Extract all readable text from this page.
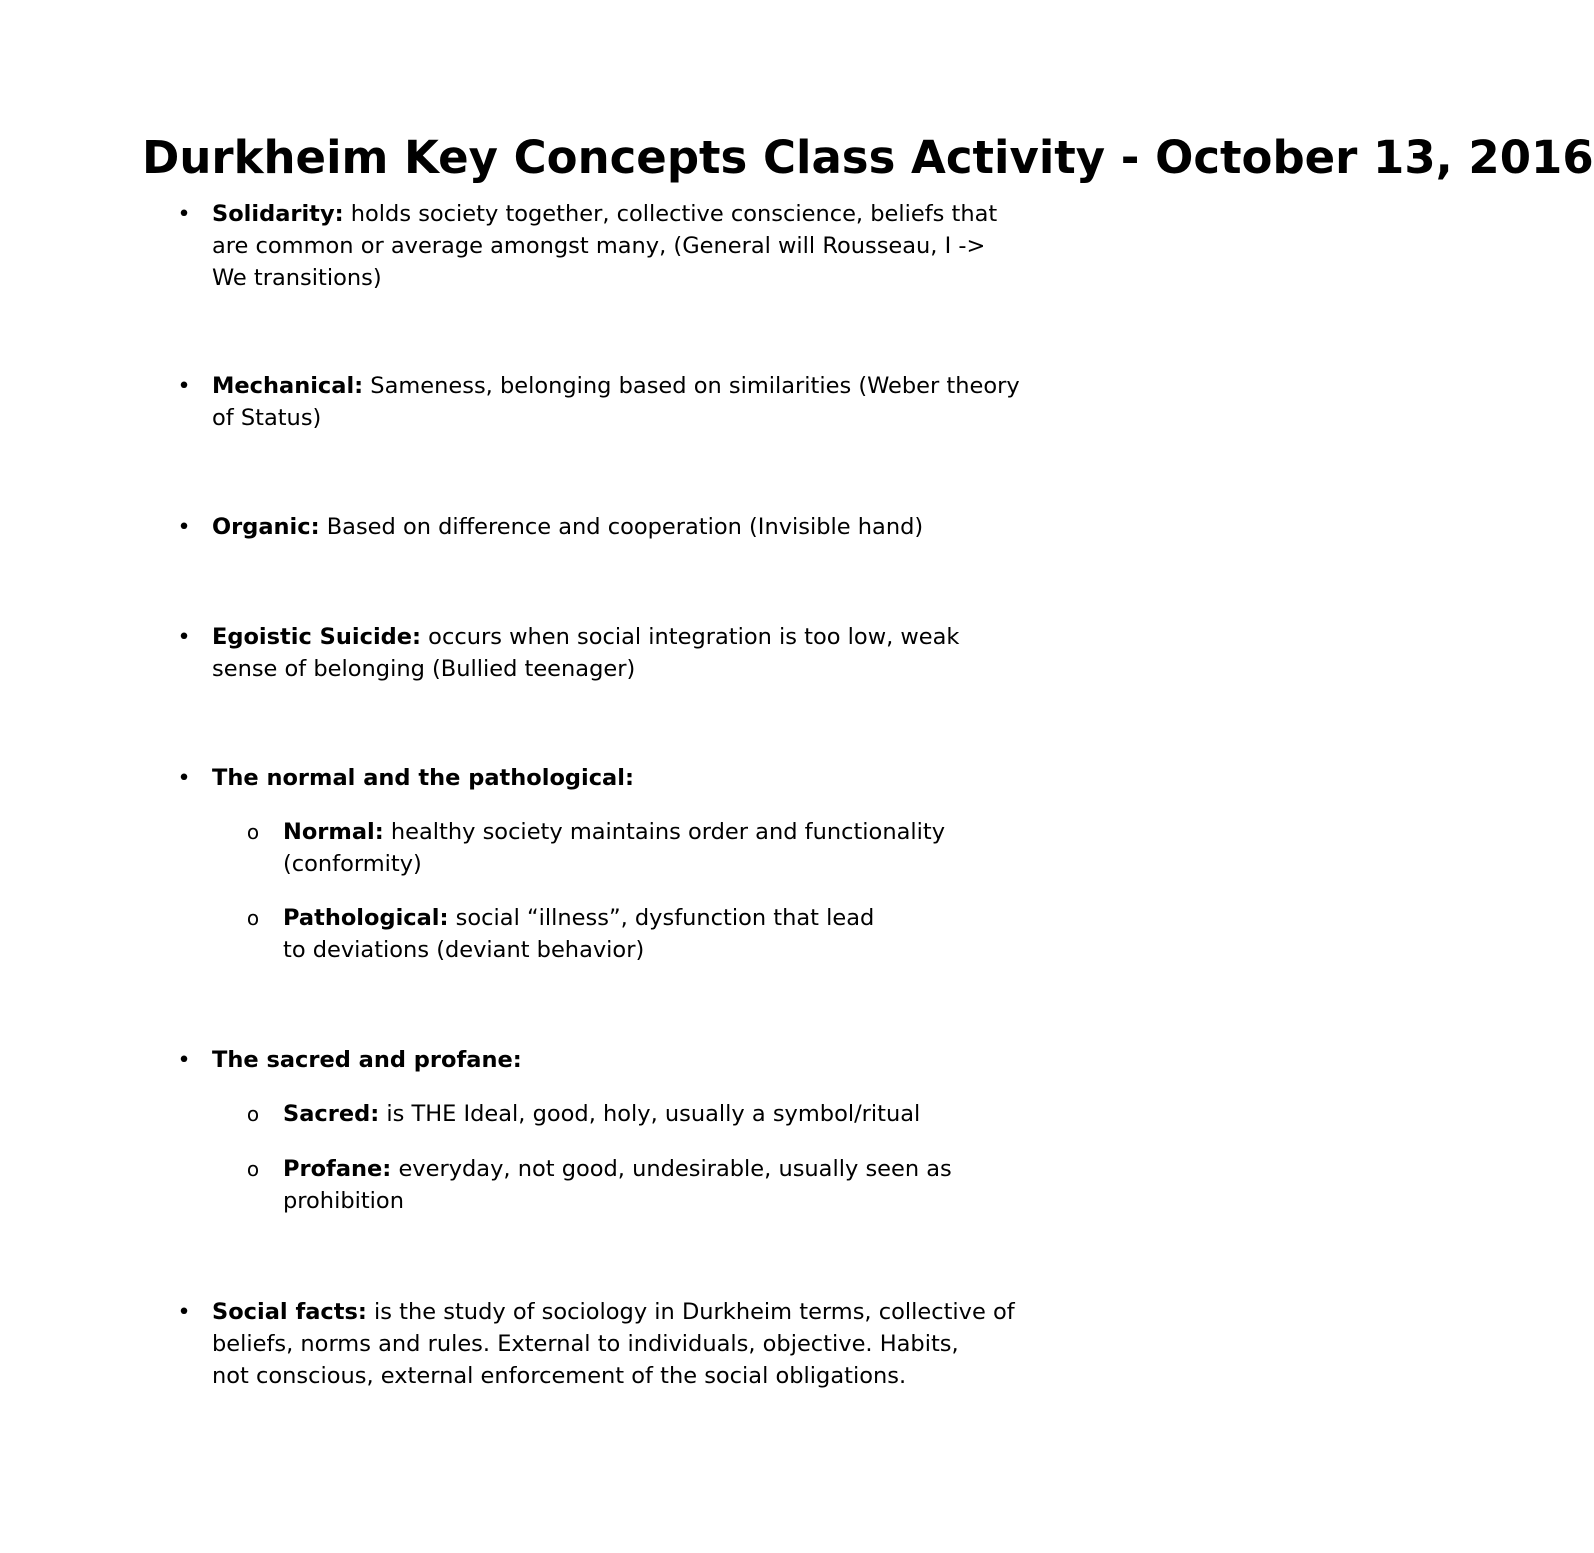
Durkheim Key Concepts Class Activity - October 13, 2016
• Solidarity: holds society together, collective conscience, beliefs that
are common or average amongst many, (General will Rousseau, I ->
We transitions)
• Mechanical: Sameness, belonging based on similarities (Weber theory
of Status)
• Organic: Based on difference and cooperation (Invisible hand)
• Egoistic Suicide: occurs when social integration is too low, weak
sense of belonging (Bullied teenager)
• The normal and the pathological:
o Normal: healthy society maintains order and functionality
(conformity)
o Pathological: social “illness”, dysfunction that lead
to deviations (deviant behavior)
• The sacred and profane:
o Sacred: is THE Ideal, good, holy, usually a symbol/ritual
o Profane: everyday, not good, undesirable, usually seen as
prohibition
• Social facts: is the study of sociology in Durkheim terms, collective of
beliefs, norms and rules. External to individuals, objective. Habits,
not conscious, external enforcement of the social obligations.
